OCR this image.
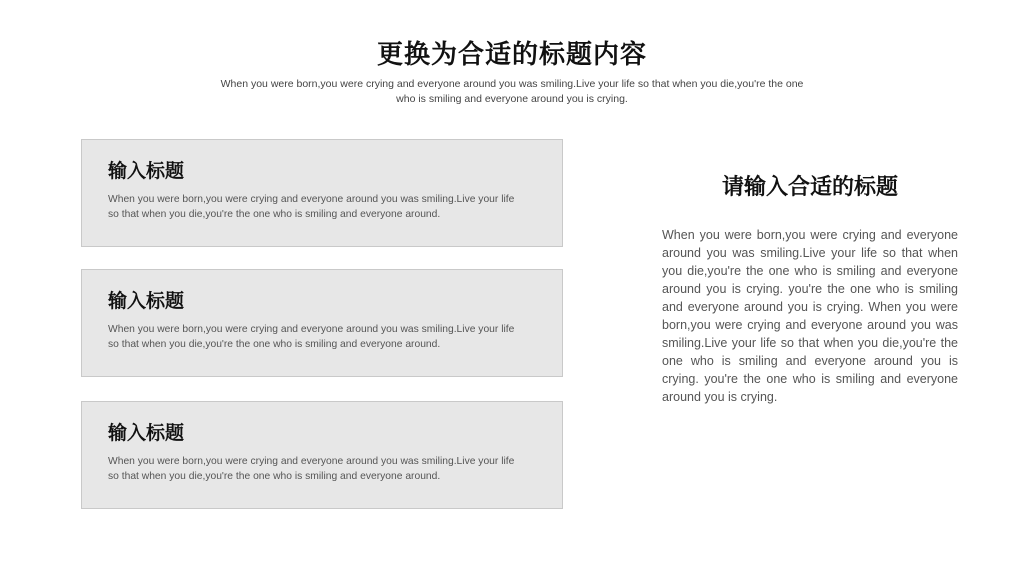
更换为合适的标题内容
When you were born,you were crying and everyone around you was smiling.Live your life so that when you die,you're the one who is smiling and everyone around you is crying.
输入标题
When you were born,you were crying and everyone around you was smiling.Live your life so that when you die,you're the one who is smiling and everyone around.
输入标题
When you were born,you were crying and everyone around you was smiling.Live your life so that when you die,you're the one who is smiling and everyone around.
输入标题
When you were born,you were crying and everyone around you was smiling.Live your life so that when you die,you're the one who is smiling and everyone around.
请输入合适的标题
When you were born,you were crying and everyone around you was smiling.Live your life so that when you die,you're the one who is smiling and everyone around you is crying. you're the one who is smiling and everyone around you is crying. When you were born,you were crying and everyone around you was smiling.Live your life so that when you die,you're the one who is smiling and everyone around you is crying. you're the one who is smiling and everyone around you is crying.
